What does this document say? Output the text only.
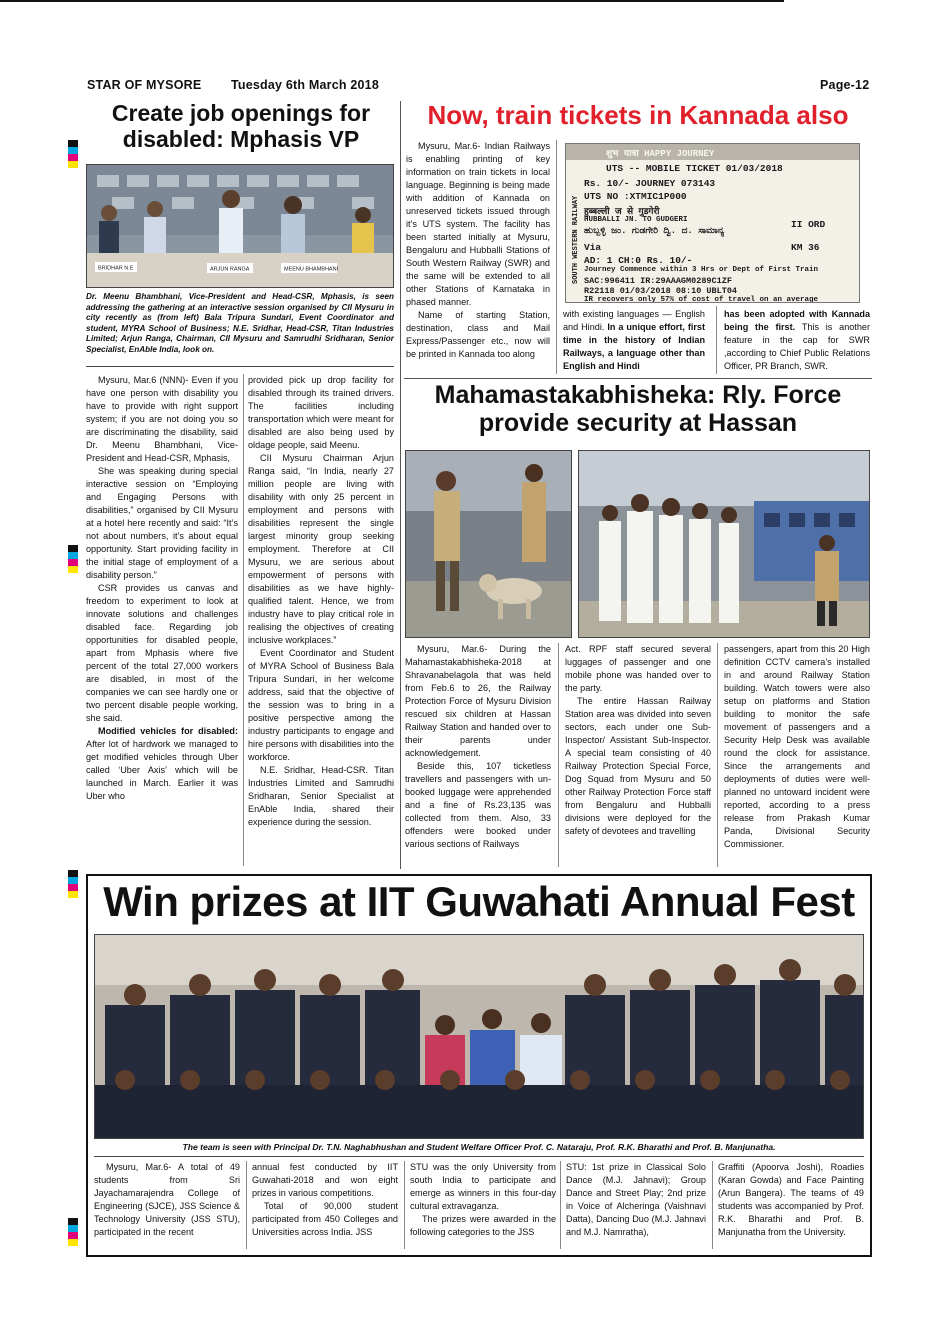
STAR OF MYSORE Tuesday 6th March 2018	Page-12
Create job openings for
disabled: Mphasis VP
BRIDHAR N.E	ARJUN RANGA	MEENU BHAMBHANI
Dr. Meenu Bhambhani, Vice-President and Head-CSR, Mphasis, is seen addressing the gathering at an interactive session organised by CII Mysuru in city recently as (from left) Bala Tripura Sundari, Event Coordinator and student, MYRA School of Business; N.E. Sridhar, Head-CSR, Titan Industries Limited; Arjun Ranga, Chairman, CII Mysuru and Samrudhi Sridharan, Senior Specialist, EnAble India, look on.

Mysuru, Mar.6 (NNN)- Even if you have one person with disability you have to provide with right support system; if you are not doing you so are discriminating the disability, said Dr. Meenu Bhambhani, Vice-President and Head-CSR, Mphasis,

She was speaking during special interactive session on “Employing and Engaging Persons with disabilities,” organised by CII Mysuru at a hotel here recently and said: “It’s not about numbers, it’s about equal opportunity. Start providing facility in the initial stage of employment of a disability person.”

CSR provides us canvas and freedom to experiment to look at innovate solutions and challenges disabled face. Regarding job opportunities for disabled people, apart from Mphasis where five percent of the total 27,000 workers are disabled, in most of the companies we can see hardly one or two percent disable people working, she said.

Modified vehicles for disabled: After lot of hardwork we managed to get modified vehicles through Uber called ‘Uber Axis’ which will be launched in March. Earlier it was Uber who

provided pick up drop facility for disabled through its trained drivers. The facilities including transportation which were meant for disabled are also being used by oldage people, said Meenu.

CII Mysuru Chairman Arjun Ranga said, “In India, nearly 27 million people are living with disability with only 25 percent in employment and persons with disabilities represent the single largest minority group seeking employment. Therefore at CII Mysuru, we are serious about empowerment of persons with disabilities as we have highly-qualified talent. Hence, we from industry have to play critical role in realising the objectives of creating inclusive workplaces.”

Event Coordinator and Student of MYRA School of Business Bala Tripura Sundari, in her welcome address, said that the objective of the session was to bring in a positive perspective among the industry participants to engage and hire persons with disabilities into the workforce.

N.E. Sridhar, Head-CSR. Titan Industries Limited and Samrudhi Sridharan, Senior Specialist at EnAble India, shared their experience during the session.

Now, train tickets in Kannada also

Mysuru, Mar.6- Indian Railways is enabling printing of key information on train tickets in local language. Beginning is being made with addition of Kannada on unreserved tickets issued through it’s UTS system. The facility has been started initially at Mysuru, Bengaluru and Hubballi Stations of South Western Railway (SWR) and the same will be extended to all other Stations of Karnataka in phased manner.

Name of starting Station, destination, class and Mail Express/Passenger etc., now will be printed in Kannada too along

शुभ यात्रा HAPPY JOURNEY
SOUTH WESTERN RAILWAY
UTS -- MOBILE TICKET 01/03/2018
Rs. 10/- JOURNEY 073143
UTS NO :XTMIC1P000
हुब्बल्ली ज से गुडगेरी
HUBBALLI JN. TO GUDGERI
ಹುಬ್ಬಳ್ಳಿ ಜಂ. ಗುಡಗೇರಿ ದ್ವಿ. ದ. ಸಾಮಾನ್ಯ
II ORD
Via	KM 36
AD: 1 CH:0 Rs. 10/-
Journey Commence within 3 Hrs or Dept of First Train
SAC:996411 IR:29AAAGM0289C1ZF
R22118 01/03/2018 08:10 UBLT04
IR recovers only 57% of cost of travel on an average
with existing languages — English and Hindi. In a unique effort, first time in the history of Indian Railways, a language other than English and Hindi
has been adopted with Kannada being the first. This is another feature in the cap for SWR ,according to Chief Public Relations Officer, PR Branch, SWR.
Mahamastakabhisheka: Rly. Force
provide security at Hassan

Mysuru, Mar.6- During the Mahamastakabhisheka-2018 at Shravanabelagola that was held from Feb.6 to 26, the Railway Protection Force of Mysuru Division rescued six children at Hassan Railway Station and handed over to their parents under acknowledgement.

Beside this, 107 ticketless travellers and passengers with un-booked luggage were apprehended and a fine of Rs.23,135 was collected from them. Also, 33 offenders were booked under various sections of Railways

Act. RPF staff secured several luggages of passenger and one mobile phone was handed over to the party.

The entire Hassan Railway Station area was divided into seven sectors, each under one Sub-Inspector/ Assistant Sub-Inspector. A special team consisting of 40 Railway Protection Special Force, Dog Squad from Mysuru and 50 other Railway Protection Force staff from Bengaluru and Hubballi divisions were deployed for the safety of devotees and travelling

passengers, apart from this 20 High definition CCTV camera’s installed in and around Railway Station building. Watch towers were also setup on platforms and Station building to monitor the safe movement of passengers and a Security Help Desk was available round the clock for assistance. Since the arrangements and deployments of duties were well-planned no untoward incident were reported, according to a press release from Prakash Kumar Panda, Divisional Security Commissioner.

Win prizes at IIT Guwahati Annual Fest
The team is seen with Principal Dr. T.N. Naghabhushan and Student Welfare Officer Prof. C. Nataraju, Prof. R.K. Bharathi and Prof. B. Manjunatha.

Mysuru, Mar.6- A total of 49 students from Sri Jayachamarajendra College of Engineering (SJCE), JSS Science & Technology University (JSS STU), participated in the recent

annual fest conducted by IIT Guwahati-2018 and won eight prizes in various competitions.

Total of 90,000 student participated from 450 Colleges and Universities across India. JSS

STU was the only University from south India to participate and emerge as winners in this four-day cultural extravaganza.

The prizes were awarded in the following categories to the JSS

STU: 1st prize in Classical Solo Dance (M.J. Jahnavi); Group Dance and Street Play; 2nd prize in Voice of Alcheringa (Vaishnavi Datta), Dancing Duo (M.J. Jahnavi and M.J. Namratha),

Graffiti (Apoorva Joshi), Roadies (Karan Gowda) and Face Painting (Arun Bangera). The teams of 49 students was accompanied by Prof. R.K. Bharathi and Prof. B. Manjunatha from the University.
